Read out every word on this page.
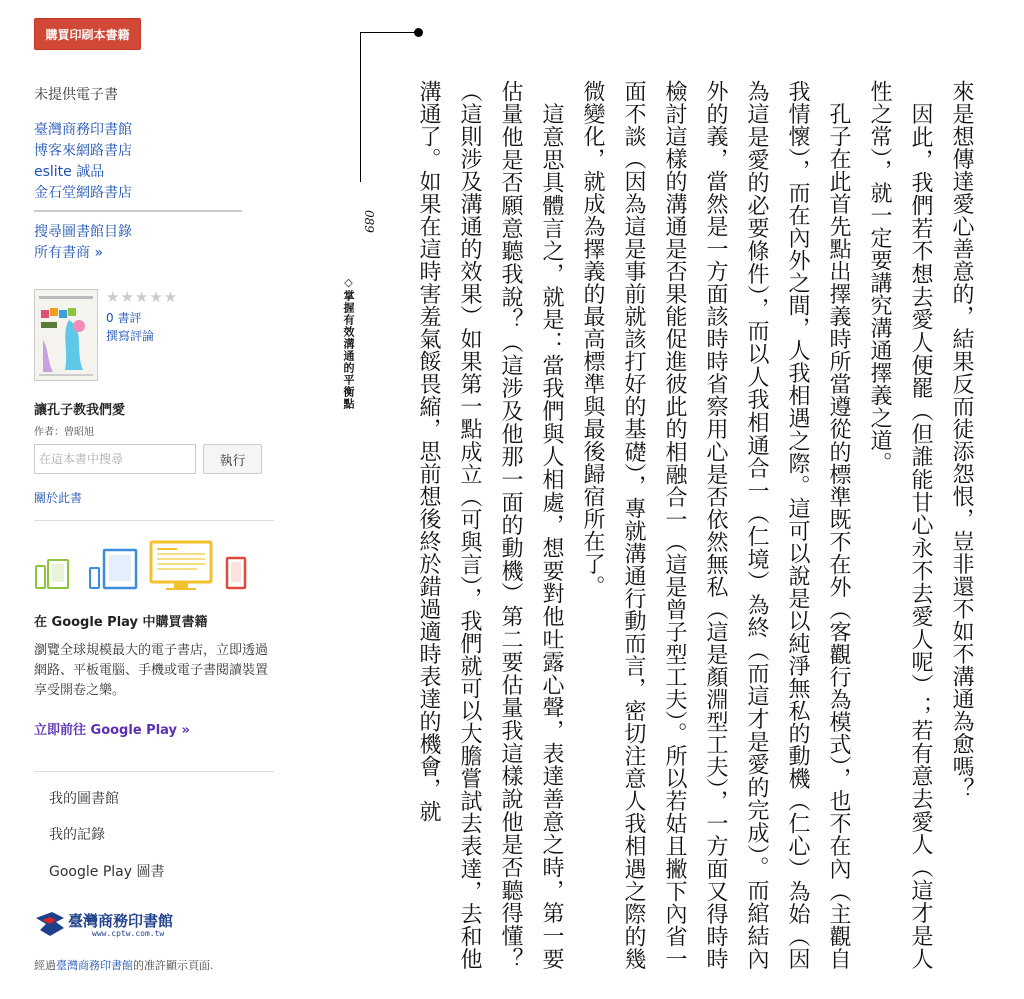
購買印刷本書籍
未提供電子書
臺灣商務印書館
博客來網路書店
eslite 誠品
金石堂網路書店
搜尋圖書館目錄
所有書商 »
★★★★★
0 書評
撰寫評論
讓孔子教我們愛
作者：曾昭旭
在這本書中搜尋
執行
關於此書
在 Google Play 中購買書籍
瀏覽全球規模最大的電子書店，立即透過網路、平板電腦、手機或電子書閱讀裝置享受開卷之樂。
立即前往 Google Play »
我的圖書館
我的記錄
Google Play 圖書
臺灣商務印書館
www.cptw.com.tw
經過臺灣商務印書館的准許顯示頁面.
089
◇掌握有效溝通的平衡點	來是想傳達愛心善意的，結果反而徒添怨恨，豈非還不如不溝通為愈嗎？

　因此，我們若不想去愛人便罷（但誰能甘心永不去愛人呢）；若有意去愛人（這才是人性之常），就一定要講究溝通擇義之道。

　孔子在此首先點出擇義時所當遵從的標準既不在外（客觀行為模式），也不在內（主觀自我情懷），而在內外之間，人我相遇之際。這可以說是以純淨無私的動機（仁心）為始（因為這是愛的必要條件），而以人我相通合一（仁境）為終（而這才是愛的完成）。而綰結內外的義，當然是一方面該時時省察用心是否依然無私（這是顏淵型工夫），一方面又得時時檢討這樣的溝通是否果能促進彼此的相融合一（這是曾子型工夫）。所以若姑且撇下內省一面不談（因為這是事前就該打好的基礎），專就溝通行動而言，密切注意人我相遇之際的幾微變化，就成為擇義的最高標準與最後歸宿所在了。

　這意思具體言之，就是：當我們與人相處，想要對他吐露心聲，表達善意之時，第一要估量他是否願意聽我說？（這涉及他那一面的動機）第二要估量我這樣說他是否聽得懂？（這則涉及溝通的效果）如果第一點成立（可與言），我們就可以大膽嘗試去表達，去和他溝通了。如果在這時害羞氣餒畏縮，思前想後終於錯過適時表達的機會，就
